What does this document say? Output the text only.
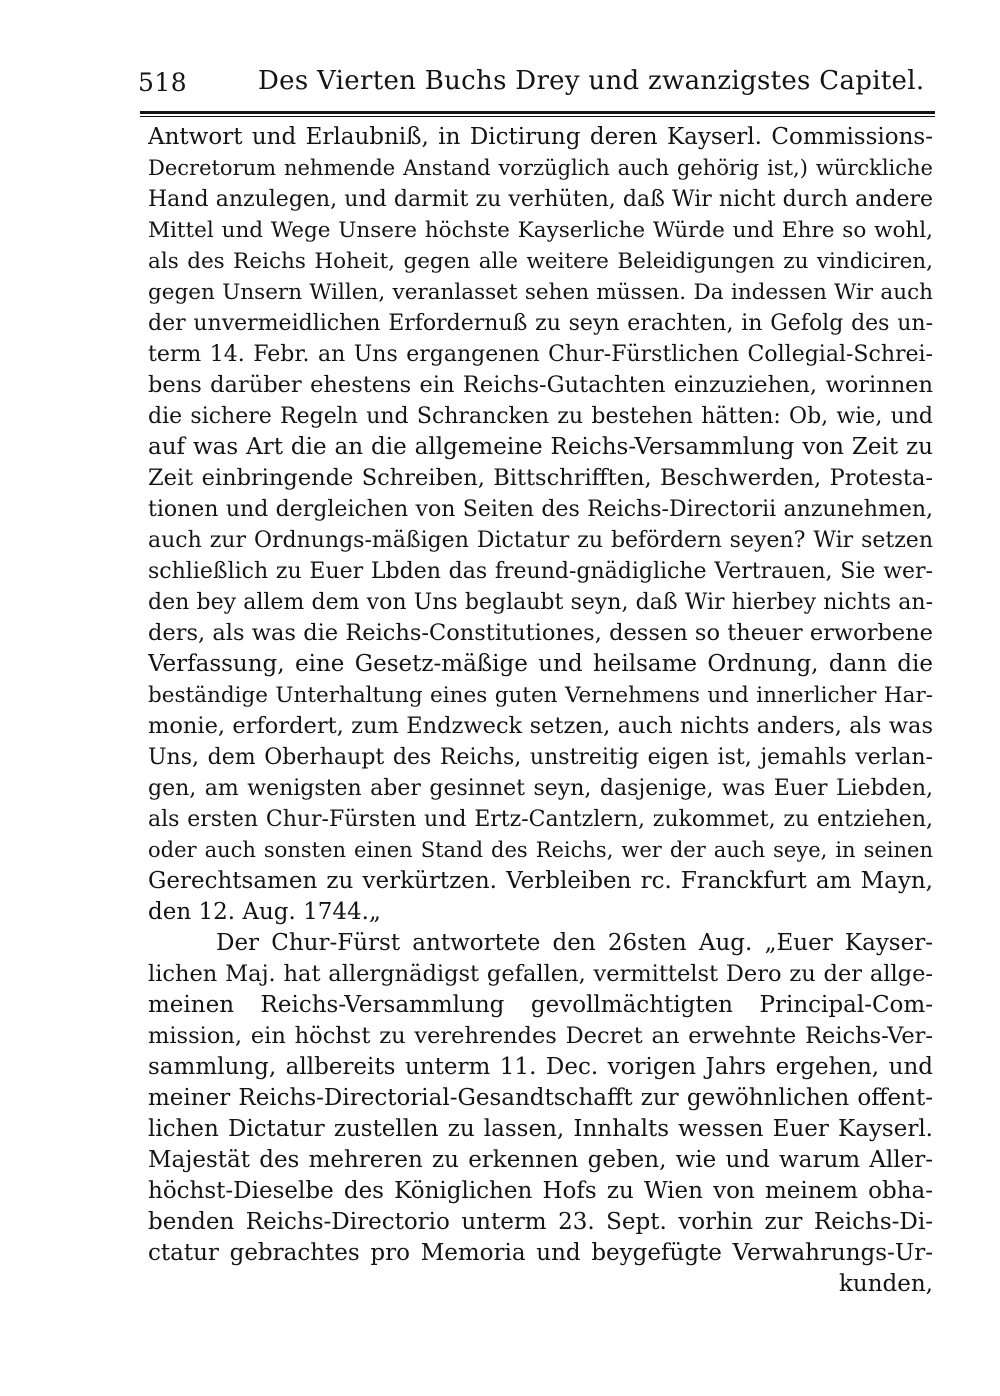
518	Des Vierten Buchs Drey und zwanzigstes Capitel.
Antwort und Erlaubniß, in Dictirung deren Kayserl. Commissions-
Decretorum nehmende Anstand vorzüglich auch gehörig ist,) würckliche
Hand anzulegen, und darmit zu verhüten, daß Wir nicht durch andere
Mittel und Wege Unsere höchste Kayserliche Würde und Ehre so wohl,
als des Reichs Hoheit, gegen alle weitere Beleidigungen zu vindiciren,
gegen Unsern Willen, veranlasset sehen müssen. Da indessen Wir auch
der unvermeidlichen Erfordernuß zu seyn erachten, in Gefolg des un-
term 14. Febr. an Uns ergangenen Chur-Fürstlichen Collegial-Schrei-
bens darüber ehestens ein Reichs-Gutachten einzuziehen, worinnen
die sichere Regeln und Schrancken zu bestehen hätten: Ob, wie, und
auf was Art die an die allgemeine Reichs-Versammlung von Zeit zu
Zeit einbringende Schreiben, Bittschrifften, Beschwerden, Protesta-
tionen und dergleichen von Seiten des Reichs-Directorii anzunehmen,
auch zur Ordnungs-mäßigen Dictatur zu befördern seyen? Wir setzen
schließlich zu Euer Lbden das freund-gnädigliche Vertrauen, Sie wer-
den bey allem dem von Uns beglaubt seyn, daß Wir hierbey nichts an-
ders, als was die Reichs-Constitutiones, dessen so theuer erworbene
Verfassung, eine Gesetz-mäßige und heilsame Ordnung, dann die
beständige Unterhaltung eines guten Vernehmens und innerlicher Har-
monie, erfordert, zum Endzweck setzen, auch nichts anders, als was
Uns, dem Oberhaupt des Reichs, unstreitig eigen ist, jemahls verlan-
gen, am wenigsten aber gesinnet seyn, dasjenige, was Euer Liebden,
als ersten Chur-Fürsten und Ertz-Cantzlern, zukommet, zu entziehen,
oder auch sonsten einen Stand des Reichs, wer der auch seye, in seinen
Gerechtsamen zu verkürtzen. Verbleiben rc. Franckfurt am Mayn,
den 12. Aug. 1744.„
Der Chur-Fürst antwortete den 26sten Aug. „Euer Kayser-
lichen Maj. hat allergnädigst gefallen, vermittelst Dero zu der allge-
meinen Reichs-Versammlung gevollmächtigten Principal-Com-
mission, ein höchst zu verehrendes Decret an erwehnte Reichs-Ver-
sammlung, allbereits unterm 11. Dec. vorigen Jahrs ergehen, und
meiner Reichs-Directorial-Gesandtschafft zur gewöhnlichen offent-
lichen Dictatur zustellen zu lassen, Innhalts wessen Euer Kayserl.
Majestät des mehreren zu erkennen geben, wie und warum Aller-
höchst-Dieselbe des Königlichen Hofs zu Wien von meinem obha-
benden Reichs-Directorio unterm 23. Sept. vorhin zur Reichs-Di-
ctatur gebrachtes pro Memoria und beygefügte Verwahrungs-Ur-
kunden,
